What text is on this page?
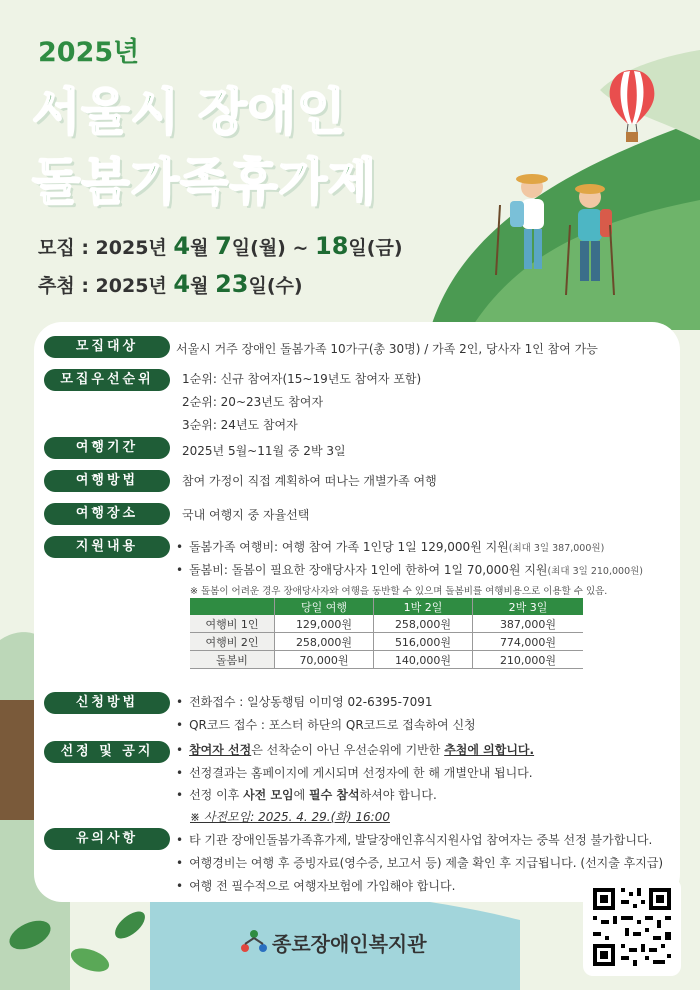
2025년
서울시 장애인
돌봄가족휴가제
모집 : 2025년 4월 7일(월) ~ 18일(금)
추첨 : 2025년 4월 23일(수)
모집대상	서울시 거주 장애인 돌봄가족 10가구(총 30명) / 가족 2인, 당사자 1인 참여 가능
모집우선순위	1순위: 신규 참여자(15~19년도 참여자 포함)
2순위: 20~23년도 참여자
3순위: 24년도 참여자
여행기간	2025년 5월~11월 중 2박 3일
여행방법	참여 가정이 직접 계획하여 떠나는 개별가족 여행
여행장소	국내 여행지 중 자율선택
지원내용	• 돌봄가족 여행비: 여행 참여 가족 1인당 1일 129,000원 지원(최대 3일 387,000원)
• 돌봄비: 돌봄이 필요한 장애당사자 1인에 한하여 1일 70,000원 지원(최대 3일 210,000원)
※ 돌봄이 어려운 경우 장애당사자와 여행을 동반할 수 있으며 돌봄비를 여행비용으로 이용할 수 있음.
	당일 여행	1박 2일	2박 3일
여행비 1인	129,000원	258,000원	387,000원
여행비 2인	258,000원	516,000원	774,000원
돌봄비	70,000원	140,000원	210,000원
신청방법	• 전화접수 : 일상동행팀 이미영 02-6395-7091
• QR코드 접수 : 포스터 하단의 QR코드로 접속하여 신청
선정 및 공지	• 참여자 선정은 선착순이 아닌 우선순위에 기반한 추첨에 의합니다.
• 선정결과는 홈페이지에 게시되며 선정자에 한 해 개별안내 됩니다.
• 선정 이후 사전 모임에 필수 참석하셔야 합니다.
※ 사전모임: 2025. 4. 29.(화) 16:00
유의사항	• 타 기관 장애인돌봄가족휴가제, 발달장애인휴식지원사업 참여자는 중복 선정 불가합니다.
• 여행경비는 여행 후 증빙자료(영수증, 보고서 등) 제출 확인 후 지급됩니다. (선지출 후지급)
• 여행 전 필수적으로 여행자보험에 가입해야 합니다.
종로장애인복지관
